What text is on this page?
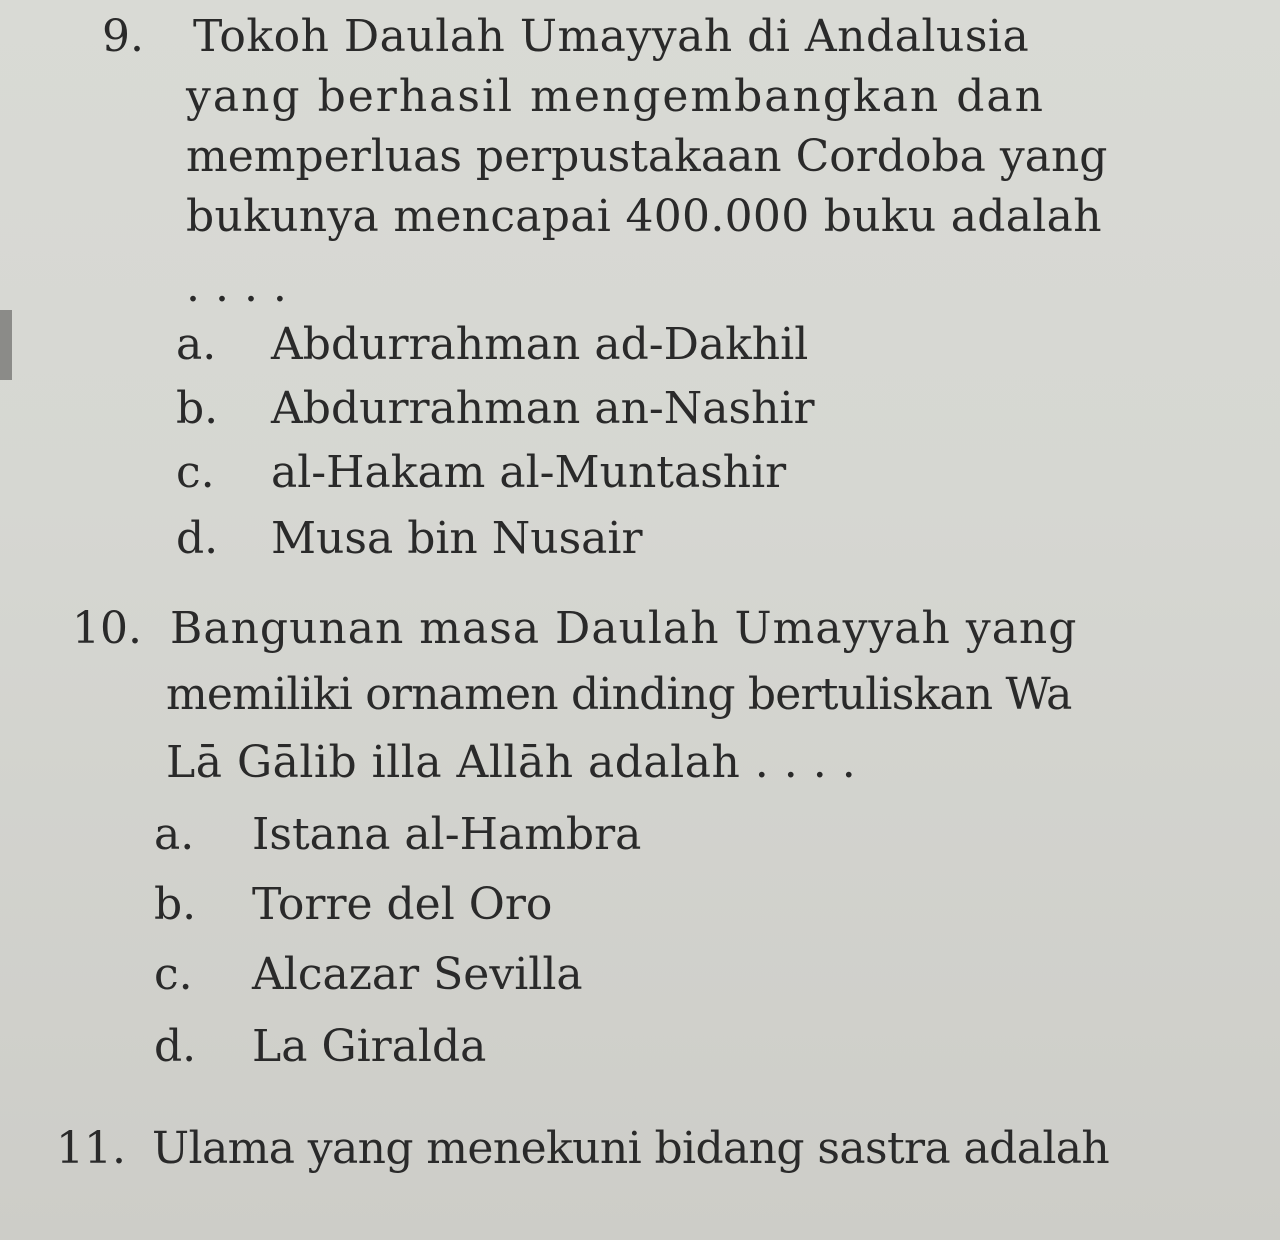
9. Tokoh Daulah Umayyah di Andalusia
yang berhasil mengembangkan dan
memperluas perpustakaan Cordoba yang
bukunya mencapai 400.000 buku adalah
. . . .
a. Abdurrahman ad-Dakhil
b. Abdurrahman an-Nashir
c. al-Hakam al-Muntashir
d. Musa bin Nusair
10. Bangunan masa Daulah Umayyah yang
memiliki ornamen dinding bertuliskan Wa
Lā Gālib illa Allāh adalah . . . .
a. Istana al-Hambra
b. Torre del Oro
c. Alcazar Sevilla
d. La Giralda
11. Ulama yang menekuni bidang sastra adalah
